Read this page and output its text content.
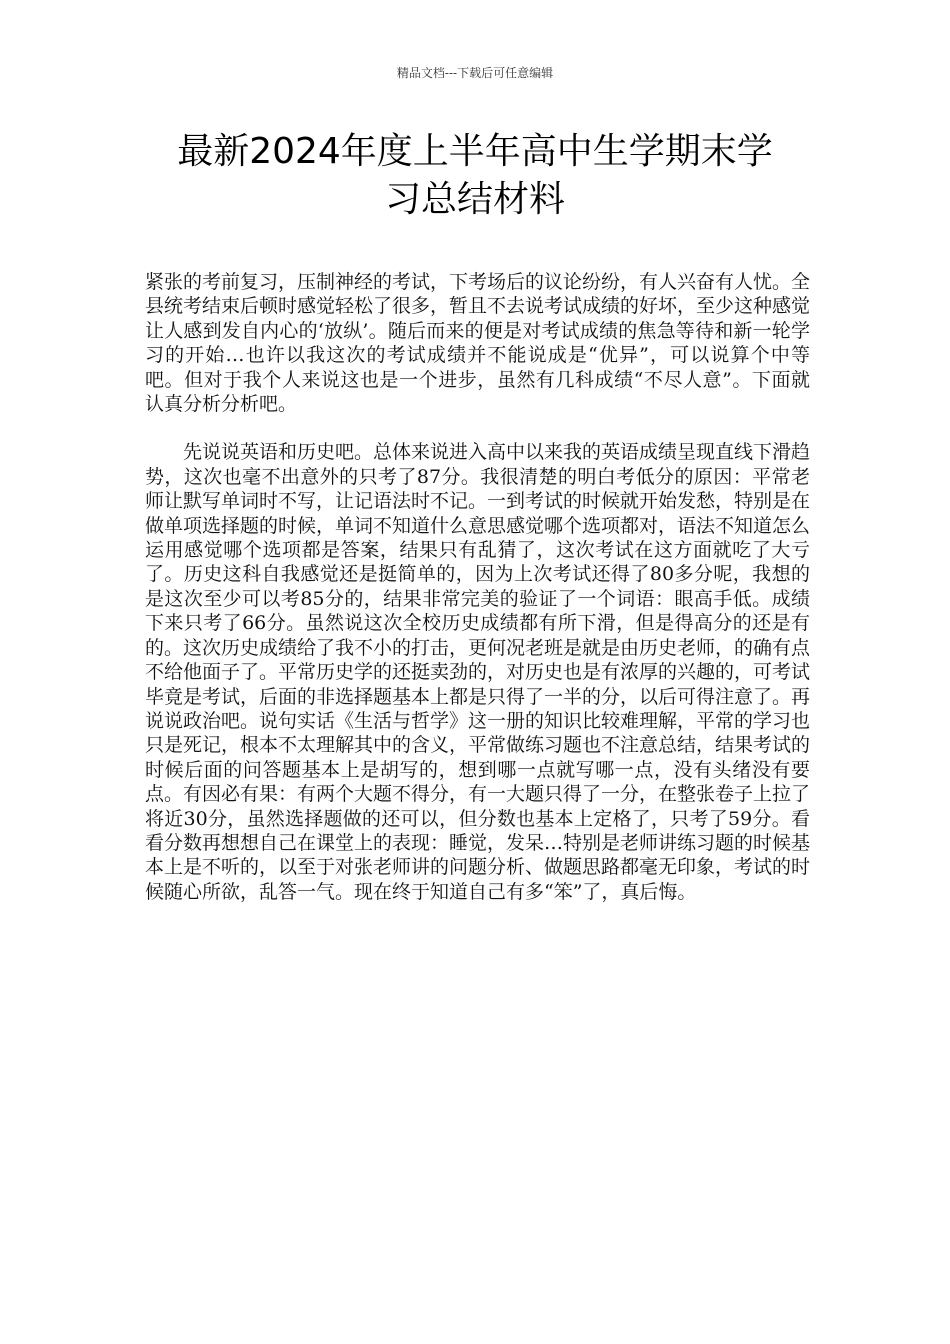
精品文档---下载后可任意编辑
最新2024年度上半年高中生学期末学
习总结材料

紧张的考前复习，压制神经的考试，下考场后的议论纷纷，有人兴奋有人忧。全县统考结束后顿时感觉轻松了很多，暂且不去说考试成绩的好坏，至少这种感觉让人感到发自内心的‘放纵’。随后而来的便是对考试成绩的焦急等待和新一轮学习的开始…也许以我这次的考试成绩并不能说成是“优异”，可以说算个中等吧。但对于我个人来说这也是一个进步，虽然有几科成绩“不尽人意”。下面就认真分析分析吧。

先说说英语和历史吧。总体来说进入高中以来我的英语成绩呈现直线下滑趋势，这次也毫不出意外的只考了87分。我很清楚的明白考低分的原因：平常老师让默写单词时不写，让记语法时不记。一到考试的时候就开始发愁，特别是在做单项选择题的时候，单词不知道什么意思感觉哪个选项都对，语法不知道怎么运用感觉哪个选项都是答案，结果只有乱猜了，这次考试在这方面就吃了大亏了。历史这科自我感觉还是挺简单的，因为上次考试还得了80多分呢，我想的是这次至少可以考85分的，结果非常完美的验证了一个词语：眼高手低。成绩下来只考了66分。虽然说这次全校历史成绩都有所下滑，但是得高分的还是有的。这次历史成绩给了我不小的打击，更何况老班是就是由历史老师，的确有点不给他面子了。平常历史学的还挺卖劲的，对历史也是有浓厚的兴趣的，可考试毕竟是考试，后面的非选择题基本上都是只得了一半的分，以后可得注意了。再说说政治吧。说句实话《生活与哲学》这一册的知识比较难理解，平常的学习也只是死记，根本不太理解其中的含义，平常做练习题也不注意总结，结果考试的时候后面的问答题基本上是胡写的，想到哪一点就写哪一点，没有头绪没有要点。有因必有果：有两个大题不得分，有一大题只得了一分，在整张卷子上拉了将近30分，虽然选择题做的还可以，但分数也基本上定格了，只考了59分。看看分数再想想自己在课堂上的表现：睡觉，发呆…特别是老师讲练习题的时候基本上是不听的，以至于对张老师讲的问题分析、做题思路都毫无印象，考试的时候随心所欲，乱答一气。现在终于知道自己有多“笨”了，真后悔。
